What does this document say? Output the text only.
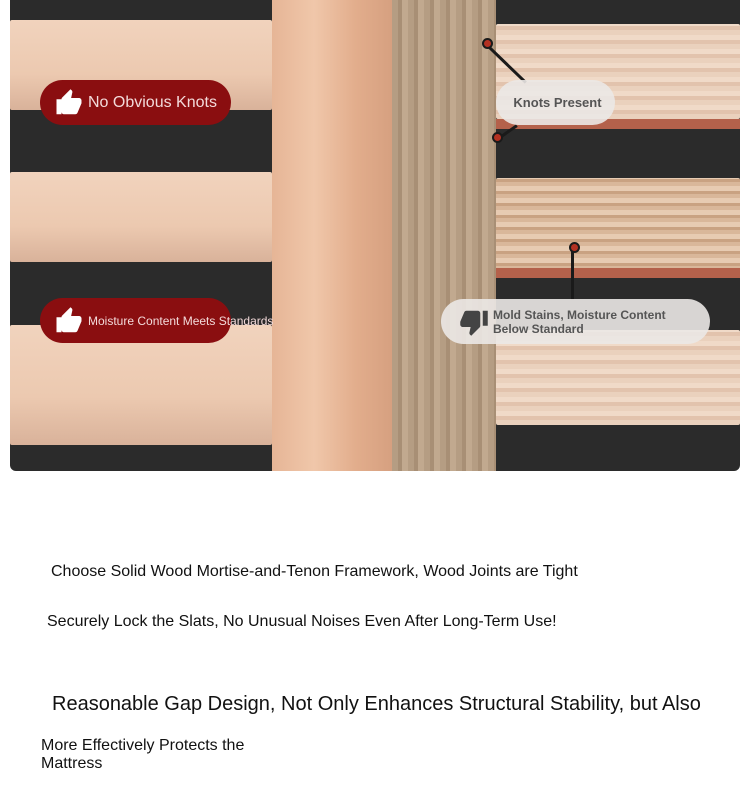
No Obvious Knots	Knots Present
Moisture Content Meets Standards	Mold Stains, Moisture Content Below Standard
Choose Solid Wood Mortise-and-Tenon Framework, Wood Joints are Tight
Securely Lock the Slats, No Unusual Noises Even After Long-Term Use!
Reasonable Gap Design, Not Only Enhances Structural Stability, but Also
More Effectively Protects the
Mattress
